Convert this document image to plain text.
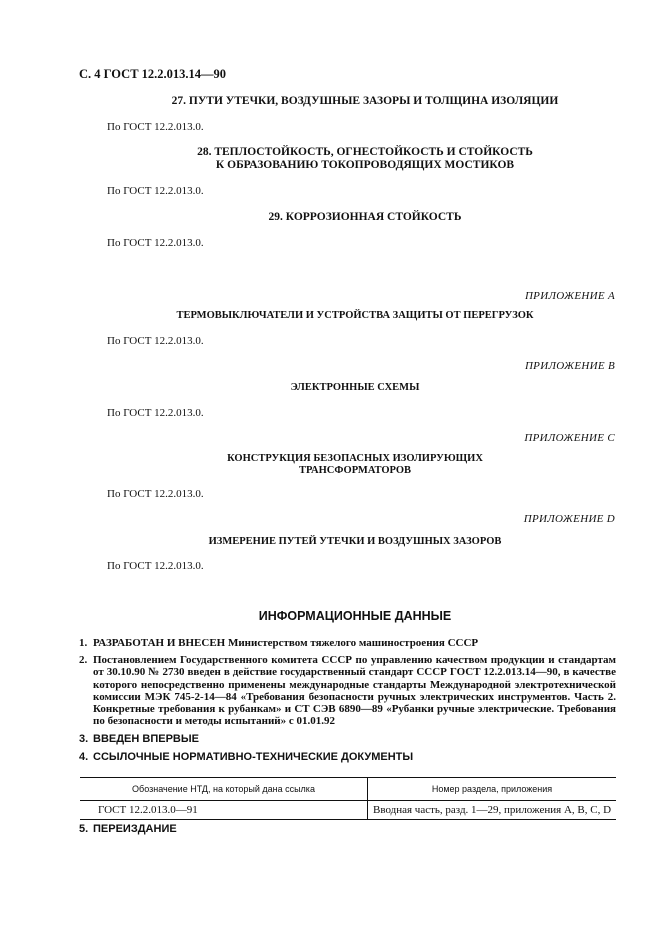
С. 4 ГОСТ 12.2.013.14—90
27. ПУТИ УТЕЧКИ, ВОЗДУШНЫЕ ЗАЗОРЫ И ТОЛЩИНА ИЗОЛЯЦИИ
По ГОСТ 12.2.013.0.
28. ТЕПЛОСТОЙКОСТЬ, ОГНЕСТОЙКОСТЬ И СТОЙКОСТЬ
К ОБРАЗОВАНИЮ ТОКОПРОВОДЯЩИХ МОСТИКОВ
По ГОСТ 12.2.013.0.
29. КОРРОЗИОННАЯ СТОЙКОСТЬ
По ГОСТ 12.2.013.0.
ПРИЛОЖЕНИЕ А
ТЕРМОВЫКЛЮЧАТЕЛИ И УСТРОЙСТВА ЗАЩИТЫ ОТ ПЕРЕГРУЗОК
По ГОСТ 12.2.013.0.
ПРИЛОЖЕНИЕ В
ЭЛЕКТРОННЫЕ СХЕМЫ
По ГОСТ 12.2.013.0.
ПРИЛОЖЕНИЕ С
КОНСТРУКЦИЯ БЕЗОПАСНЫХ ИЗОЛИРУЮЩИХ
ТРАНСФОРМАТОРОВ
По ГОСТ 12.2.013.0.
ПРИЛОЖЕНИЕ D
ИЗМЕРЕНИЕ ПУТЕЙ УТЕЧКИ И ВОЗДУШНЫХ ЗАЗОРОВ
По ГОСТ 12.2.013.0.
ИНФОРМАЦИОННЫЕ ДАННЫЕ
1. РАЗРАБОТАН И ВНЕСЕН Министерством тяжелого машиностроения СССР
2. Постановлением Государственного комитета СССР по управлению качеством продукции и стандартам от 30.10.90 № 2730 введен в действие государственный стандарт СССР ГОСТ 12.2.013.14—90, в качестве которого непосредственно применены международные стандарты Международной электротехнической комиссии МЭК 745-2-14—84 «Требования безопасности ручных электрических инструментов. Часть 2. Конкретные требования к рубанкам» и СТ СЭВ 6890—89 «Рубанки ручные электрические. Требования по безопасности и методы испытаний» с 01.01.92
3. ВВЕДЕН ВПЕРВЫЕ
4. ССЫЛОЧНЫЕ НОРМАТИВНО-ТЕХНИЧЕСКИЕ ДОКУМЕНТЫ
Обозначение НТД, на который дана ссылка	Номер раздела, приложения
ГОСТ 12.2.013.0—91	Вводная часть, разд. 1—29, приложения А, В, С, D
5. ПЕРЕИЗДАНИЕ
